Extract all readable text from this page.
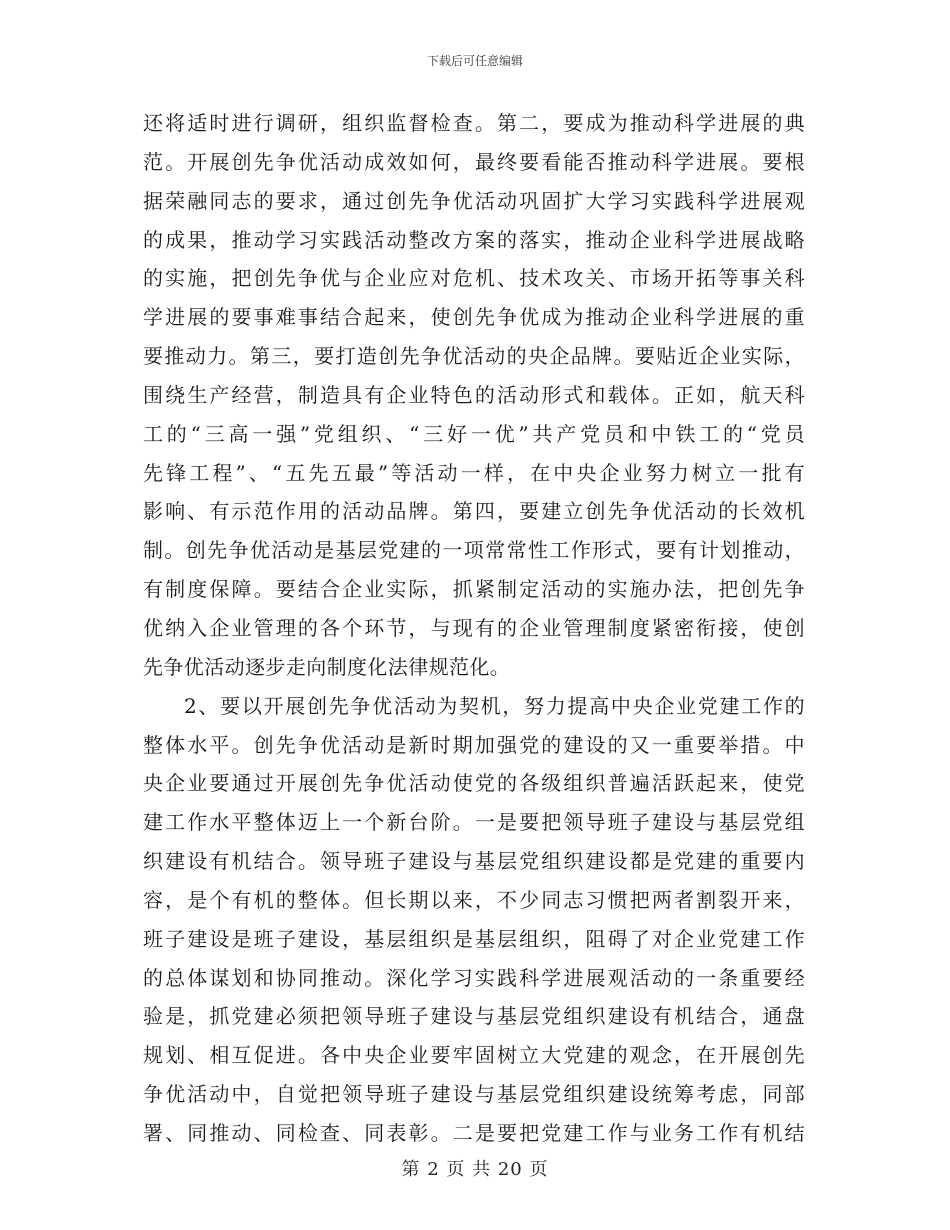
下载后可任意编辑
还将适时进行调研，组织监督检查。第二，要成为推动科学进展的典
范。开展创先争优活动成效如何，最终要看能否推动科学进展。要根
据荣融同志的要求，通过创先争优活动巩固扩大学习实践科学进展观
的成果，推动学习实践活动整改方案的落实，推动企业科学进展战略
的实施，把创先争优与企业应对危机、技术攻关、市场开拓等事关科
学进展的要事难事结合起来，使创先争优成为推动企业科学进展的重
要推动力。第三，要打造创先争优活动的央企品牌。要贴近企业实际，
围绕生产经营，制造具有企业特色的活动形式和载体。正如，航天科
工的“三高一强”党组织、“三好一优”共产党员和中铁工的“党员
先锋工程”、“五先五最”等活动一样，在中央企业努力树立一批有
影响、有示范作用的活动品牌。第四，要建立创先争优活动的长效机
制。创先争优活动是基层党建的一项常常性工作形式，要有计划推动，
有制度保障。要结合企业实际，抓紧制定活动的实施办法，把创先争
优纳入企业管理的各个环节，与现有的企业管理制度紧密衔接，使创
先争优活动逐步走向制度化法律规范化。
2、要以开展创先争优活动为契机，努力提高中央企业党建工作的
整体水平。创先争优活动是新时期加强党的建设的又一重要举措。中
央企业要通过开展创先争优活动使党的各级组织普遍活跃起来，使党
建工作水平整体迈上一个新台阶。一是要把领导班子建设与基层党组
织建设有机结合。领导班子建设与基层党组织建设都是党建的重要内
容，是个有机的整体。但长期以来，不少同志习惯把两者割裂开来，
班子建设是班子建设，基层组织是基层组织，阻碍了对企业党建工作
的总体谋划和协同推动。深化学习实践科学进展观活动的一条重要经
验是，抓党建必须把领导班子建设与基层党组织建设有机结合，通盘
规划、相互促进。各中央企业要牢固树立大党建的观念，在开展创先
争优活动中，自觉把领导班子建设与基层党组织建设统筹考虑，同部
署、同推动、同检查、同表彰。二是要把党建工作与业务工作有机结
第 2 页 共 20 页
